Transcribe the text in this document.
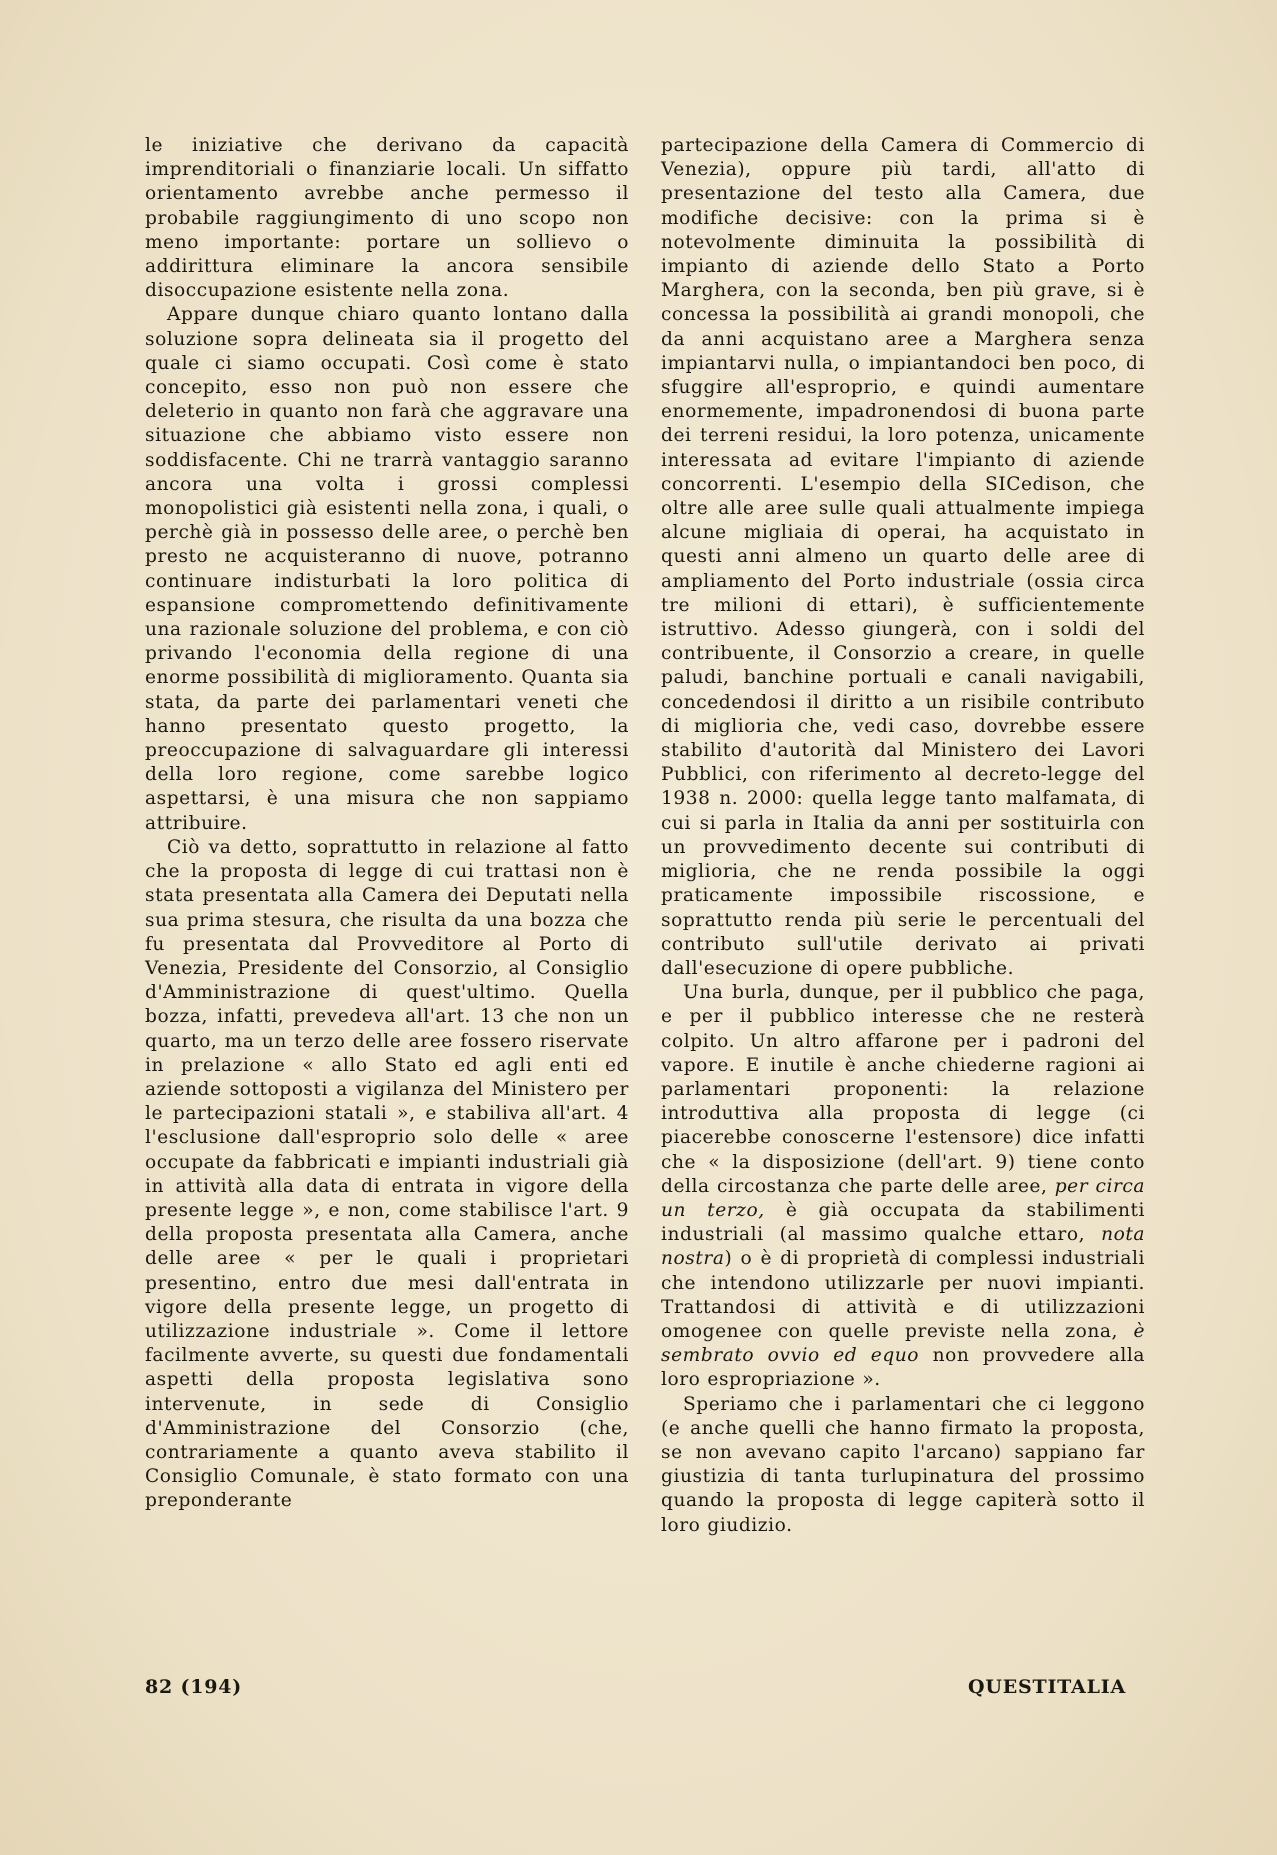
le iniziative che derivano da capacità imprenditoriali o finanziarie locali. Un siffatto orientamento avrebbe anche permesso il probabile raggiungimento di uno scopo non meno importante: portare un sollievo o addirittura eliminare la ancora sensibile disoccupazione esistente nella zona.

Appare dunque chiaro quanto lontano dalla soluzione sopra delineata sia il progetto del quale ci siamo occupati. Così come è stato concepito, esso non può non essere che deleterio in quanto non farà che aggravare una situazione che abbiamo visto essere non soddisfacente. Chi ne trarrà vantaggio saranno ancora una volta i grossi complessi monopolistici già esistenti nella zona, i quali, o perchè già in possesso delle aree, o perchè ben presto ne acquisteranno di nuove, potranno continuare indisturbati la loro politica di espansione compromettendo definitivamente una razionale soluzione del problema, e con ciò privando l'economia della regione di una enorme possibilità di miglioramento. Quanta sia stata, da parte dei parlamentari veneti che hanno presentato questo progetto, la preoccupazione di salvaguardare gli interessi della loro regione, come sarebbe logico aspettarsi, è una misura che non sappiamo attribuire.

Ciò va detto, soprattutto in relazione al fatto che la proposta di legge di cui trattasi non è stata presentata alla Camera dei Deputati nella sua prima stesura, che risulta da una bozza che fu presentata dal Provveditore al Porto di Venezia, Presidente del Consorzio, al Consiglio d'Amministrazione di quest'ultimo. Quella bozza, infatti, prevedeva all'art. 13 che non un quarto, ma un terzo delle aree fossero riservate in prelazione « allo Stato ed agli enti ed aziende sottoposti a vigilanza del Ministero per le partecipazioni statali », e stabiliva all'art. 4 l'esclusione dall'esproprio solo delle « aree occupate da fabbricati e impianti industriali già in attività alla data di entrata in vigore della presente legge », e non, come stabilisce l'art. 9 della proposta presentata alla Camera, anche delle aree « per le quali i proprietari presentino, entro due mesi dall'entrata in vigore della presente legge, un progetto di utilizzazione industriale ». Come il lettore facilmente avverte, su questi due fondamentali aspetti della proposta legislativa sono intervenute, in sede di Consiglio d'Amministrazione del Consorzio (che, contrariamente a quanto aveva stabilito il Consiglio Comunale, è stato formato con una preponderante

partecipazione della Camera di Commercio di Venezia), oppure più tardi, all'atto di presentazione del testo alla Camera, due modifiche decisive: con la prima si è notevolmente diminuita la possibilità di impianto di aziende dello Stato a Porto Marghera, con la seconda, ben più grave, si è concessa la possibilità ai grandi monopoli, che da anni acquistano aree a Marghera senza impiantarvi nulla, o impiantandoci ben poco, di sfuggire all'esproprio, e quindi aumentare enormemente, impadronendosi di buona parte dei terreni residui, la loro potenza, unicamente interessata ad evitare l'impianto di aziende concorrenti. L'esempio della SICedison, che oltre alle aree sulle quali attualmente impiega alcune migliaia di operai, ha acquistato in questi anni almeno un quarto delle aree di ampliamento del Porto industriale (ossia circa tre milioni di ettari), è sufficientemente istruttivo. Adesso giungerà, con i soldi del contribuente, il Consorzio a creare, in quelle paludi, banchine portuali e canali navigabili, concedendosi il diritto a un risibile contributo di miglioria che, vedi caso, dovrebbe essere stabilito d'autorità dal Ministero dei Lavori Pubblici, con riferimento al decreto-legge del 1938 n. 2000: quella legge tanto malfamata, di cui si parla in Italia da anni per sostituirla con un provvedimento decente sui contributi di miglioria, che ne renda possibile la oggi praticamente impossibile riscossione, e soprattutto renda più serie le percentuali del contributo sull'utile derivato ai privati dall'esecuzione di opere pubbliche.

Una burla, dunque, per il pubblico che paga, e per il pubblico interesse che ne resterà colpito. Un altro affarone per i padroni del vapore. E inutile è anche chiederne ragioni ai parlamentari proponenti: la relazione introduttiva alla proposta di legge (ci piacerebbe conoscerne l'estensore) dice infatti che « la disposizione (dell'art. 9) tiene conto della circostanza che parte delle aree, per circa un terzo, è già occupata da stabilimenti industriali (al massimo qualche ettaro, nota nostra) o è di proprietà di complessi industriali che intendono utilizzarle per nuovi impianti. Trattandosi di attività e di utilizzazioni omogenee con quelle previste nella zona, è sembrato ovvio ed equo non provvedere alla loro espropriazione ».

Speriamo che i parlamentari che ci leggono (e anche quelli che hanno firmato la proposta, se non avevano capito l'arcano) sappiano far giustizia di tanta turlupinatura del prossimo quando la proposta di legge capiterà sotto il loro giudizio.

82 (194)	QUESTITALIA
